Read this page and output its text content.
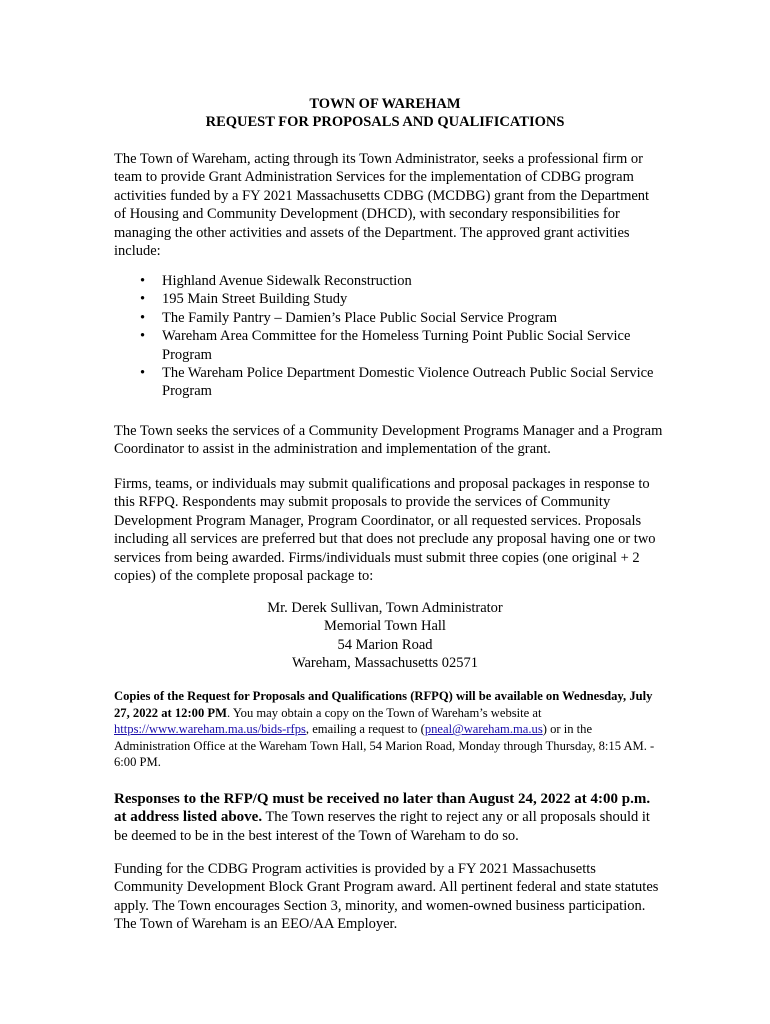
TOWN OF WAREHAM

REQUEST FOR PROPOSALS AND QUALIFICATIONS

The Town of Wareham, acting through its Town Administrator, seeks a professional firm or team to provide Grant Administration Services for the implementation of CDBG program activities funded by a FY 2021 Massachusetts CDBG (MCDBG) grant from the Department of Housing and Community Development (DHCD), with secondary responsibilities for managing the other activities and assets of the Department. The approved grant activities include:

• Highland Avenue Sidewalk Reconstruction
• 195 Main Street Building Study
• The Family Pantry – Damien’s Place Public Social Service Program
• Wareham Area Committee for the Homeless Turning Point Public Social Service Program
• The Wareham Police Department Domestic Violence Outreach Public Social Service Program

The Town seeks the services of a Community Development Programs Manager and a Program Coordinator to assist in the administration and implementation of the grant.

Firms, teams, or individuals may submit qualifications and proposal packages in response to this RFPQ. Respondents may submit proposals to provide the services of Community Development Program Manager, Program Coordinator, or all requested services. Proposals including all services are preferred but that does not preclude any proposal having one or two services from being awarded. Firms/individuals must submit three copies (one original + 2 copies) of the complete proposal package to:

Mr. Derek Sullivan, Town Administrator
Memorial Town Hall
54 Marion Road
Wareham, Massachusetts 02571

Copies of the Request for Proposals and Qualifications (RFPQ) will be available on Wednesday, July 27, 2022 at 12:00 PM. You may obtain a copy on the Town of Wareham’s website at https://www.wareham.ma.us/bids-rfps, emailing a request to (pneal@wareham.ma.us) or in the Administration Office at the Wareham Town Hall, 54 Marion Road, Monday through Thursday, 8:15 AM. - 6:00 PM.

Responses to the RFP/Q must be received no later than August 24, 2022 at 4:00 p.m. at address listed above. The Town reserves the right to reject any or all proposals should it be deemed to be in the best interest of the Town of Wareham to do so.

Funding for the CDBG Program activities is provided by a FY 2021 Massachusetts Community Development Block Grant Program award. All pertinent federal and state statutes apply. The Town encourages Section 3, minority, and women-owned business participation. The Town of Wareham is an EEO/AA Employer.
